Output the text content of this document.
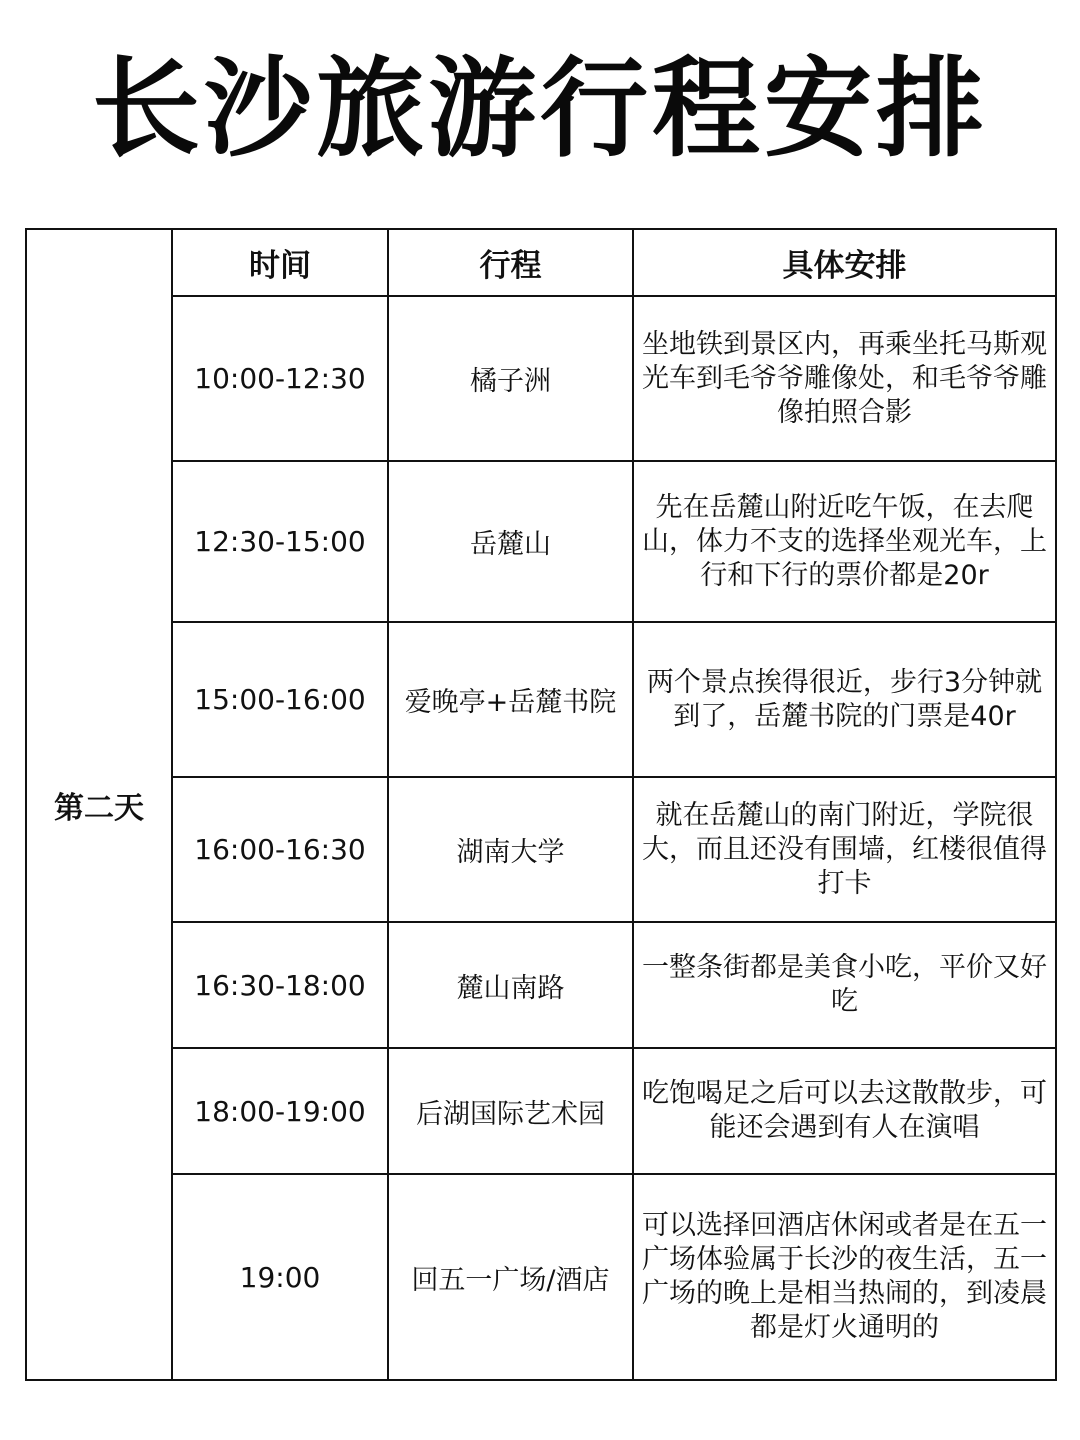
长沙旅游行程安排
第二天	时间	行程	具体安排
	10:00-12:30	橘子洲	坐地铁到景区内，再乘坐托马斯观光车到毛爷爷雕像处，和毛爷爷雕像拍照合影
	12:30-15:00	岳麓山	先在岳麓山附近吃午饭，在去爬山，体力不支的选择坐观光车，上行和下行的票价都是20r
	15:00-16:00	爱晚亭+岳麓书院	两个景点挨得很近，步行3分钟就到了，岳麓书院的门票是40r
	16:00-16:30	湖南大学	就在岳麓山的南门附近，学院很大，而且还没有围墙，红楼很值得打卡
	16:30-18:00	麓山南路	一整条街都是美食小吃，平价又好吃
	18:00-19:00	后湖国际艺术园	吃饱喝足之后可以去这散散步，可能还会遇到有人在演唱
	19:00	回五一广场/酒店	可以选择回酒店休闲或者是在五一广场体验属于长沙的夜生活，五一广场的晚上是相当热闹的，到凌晨都是灯火通明的
